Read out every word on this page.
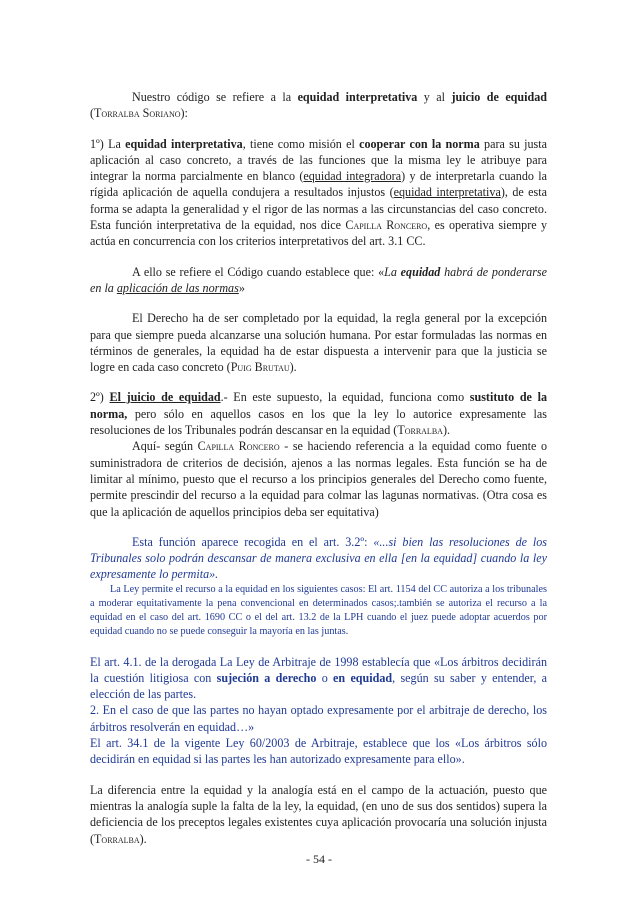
Nuestro código se refiere a la equidad interpretativa y al juicio de equidad (Torralba Soriano):

1º) La equidad interpretativa, tiene como misión el cooperar con la norma para su justa aplicación al caso concreto, a través de las funciones que la misma ley le atribuye para integrar la norma parcialmente en blanco (equidad integradora) y de interpretarla cuando la rígida aplicación de aquella condujera a resultados injustos (equidad interpretativa), de esta forma se adapta la generalidad y el rigor de las normas a las circunstancias del caso concreto. Esta función interpretativa de la equidad, nos dice Capilla Roncero, es operativa siempre y actúa en concurrencia con los criterios interpretativos del art. 3.1 CC.

A ello se refiere el Código cuando establece que: «La equidad habrá de ponderarse en la aplicación de las normas»

El Derecho ha de ser completado por la equidad, la regla general por la excepción para que siempre pueda alcanzarse una solución humana. Por estar formuladas las normas en términos de generales, la equidad ha de estar dispuesta a intervenir para que la justicia se logre en cada caso concreto (Puig Brutau).

2º) El juicio de equidad.- En este supuesto, la equidad, funciona como sustituto de la norma, pero sólo en aquellos casos en los que la ley lo autorice expresamente las resoluciones de los Tribunales podrán descansar en la equidad (Torralba).

Aquí- según Capilla Roncero - se haciendo referencia a la equidad como fuente o suministradora de criterios de decisión, ajenos a las normas legales. Esta función se ha de limitar al mínimo, puesto que el recurso a los principios generales del Derecho como fuente, permite prescindir del recurso a la equidad para colmar las lagunas normativas. (Otra cosa es que la aplicación de aquellos principios deba ser equitativa)

Esta función aparece recogida en el art. 3.2º: «...si bien las resoluciones de los Tribunales solo podrán descansar de manera exclusiva en ella [en la equidad] cuando la ley expresamente lo permita».

La Ley permite el recurso a la equidad en los siguientes casos: El art. 1154 del CC autoriza a los tribunales a moderar equitativamente la pena convencional en determinados casos;.también se autoriza el recurso a la equidad en el caso del art. 1690 CC o el del art. 13.2 de la LPH cuando el juez puede adoptar acuerdos por equidad cuando no se puede conseguir la mayoría en las juntas.

El art. 4.1. de la derogada La Ley de Arbitraje de 1998 establecía que «Los árbitros decidirán la cuestión litigiosa con sujeción a derecho o en equidad, según su saber y entender, a elección de las partes.

2. En el caso de que las partes no hayan optado expresamente por el arbitraje de derecho, los árbitros resolverán en equidad…»

El art. 34.1 de la vigente Ley 60/2003 de Arbitraje, establece que los «Los árbitros sólo decidirán en equidad si las partes les han autorizado expresamente para ello».

La diferencia entre la equidad y la analogía está en el campo de la actuación, puesto que mientras la analogía suple la falta de la ley, la equidad, (en uno de sus dos sentidos) supera la deficiencia de los preceptos legales existentes cuya aplicación provocaría una solución injusta (Torralba).

- 54 -
